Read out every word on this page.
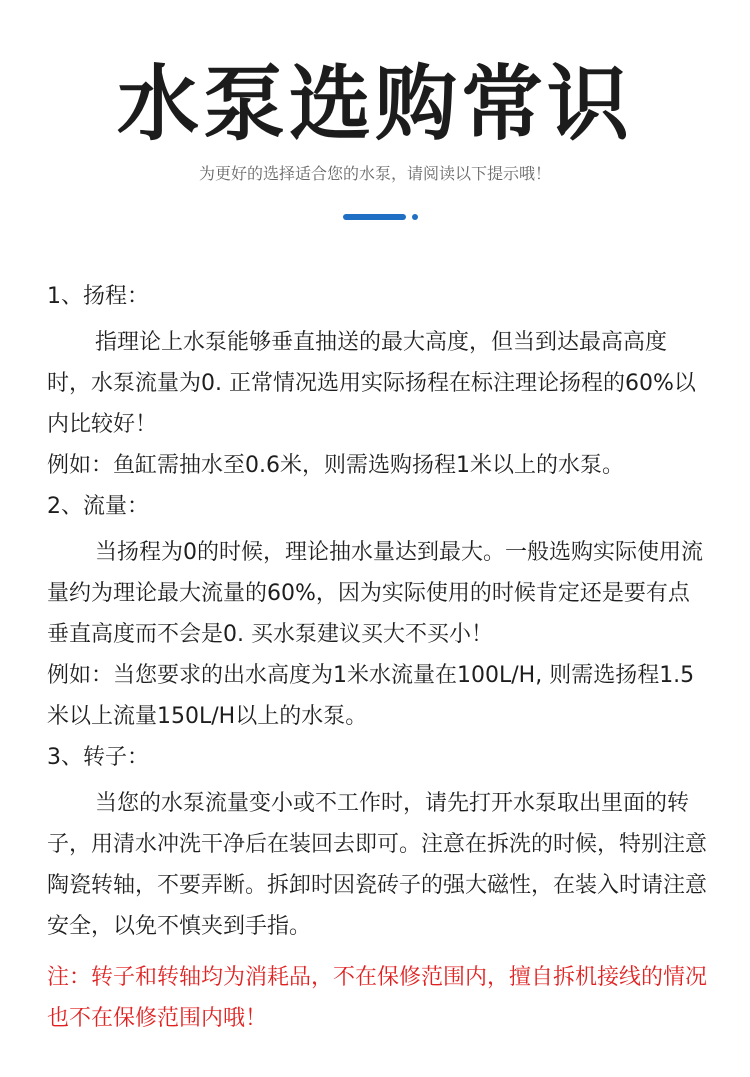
水泵选购常识
为更好的选择适合您的水泵，请阅读以下提示哦！

1、扬程：

指理论上水泵能够垂直抽送的最大高度，但当到达最高高度时，水泵流量为0. 正常情况选用实际扬程在标注理论扬程的60%以内比较好！

例如：鱼缸需抽水至0.6米，则需选购扬程1米以上的水泵。

2、流量：

当扬程为0的时候，理论抽水量达到最大。一般选购实际使用流量约为理论最大流量的60%，因为实际使用的时候肯定还是要有点垂直高度而不会是0. 买水泵建议买大不买小！

例如：当您要求的出水高度为1米水流量在100L/H, 则需选扬程1.5米以上流量150L/H以上的水泵。

3、转子：

当您的水泵流量变小或不工作时，请先打开水泵取出里面的转子，用清水冲洗干净后在装回去即可。注意在拆洗的时候，特别注意陶瓷转轴，不要弄断。拆卸时因瓷砖子的强大磁性，在装入时请注意安全，以免不慎夹到手指。

注：转子和转轴均为消耗品，不在保修范围内，擅自拆机接线的情况也不在保修范围内哦！
